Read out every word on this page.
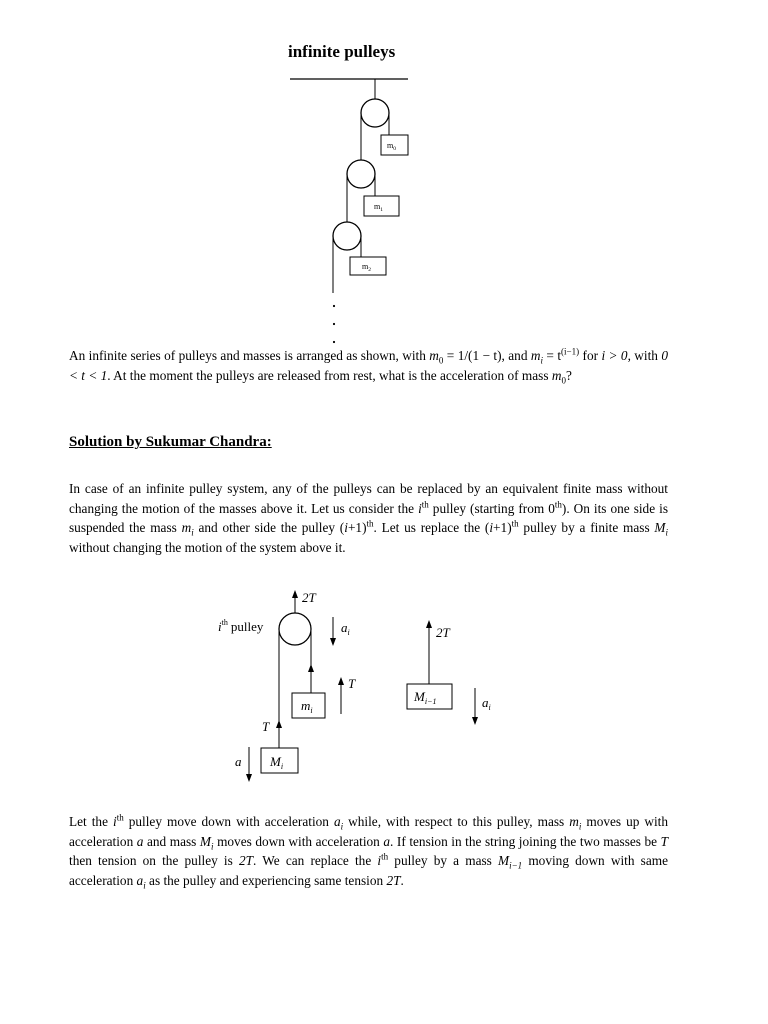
infinite pulleys
$m_0$
$m_1$
$m_2$

An infinite series of pulleys and masses is arranged as shown, with $m_0 = 1/(1 - t)$, and $m_i = t^{(i-1)}$ for i > 0, with 0 < t < 1. At the moment the pulleys are released from rest, what is the acceleration of mass $m_0$?

Solution by Sukumar Chandra:

In case of an infinite pulley system, any of the pulleys can be replaced by an equivalent finite mass without changing the motion of the masses above it. Let us consider the $i^{th}$ pulley (starting from 0th). On its one side is suspended the mass $m_i$ and other side the pulley $(i+1)^{th}$. Let us replace the $(i+1)^{th}$ pulley by a finite mass $M_i$ without changing the motion of the system above it.

2T
$i^{th}$ pulley	$a_i$
$m_i$
T
$M_i$
T
a
$M_{i-1}$
2T
$a_i$

Let the $i^{th}$ pulley move down with acceleration $a_i$ while, with respect to this pulley, mass $m_i$ moves up with acceleration a and mass $M_i$ moves down with acceleration a. If tension in the string joining the two masses be T then tension on the pulley is 2T. We can replace the $i^{th}$ pulley by a mass $M_{i-1}$ moving down with same acceleration $a_i$ as the pulley and experiencing same tension 2T.
